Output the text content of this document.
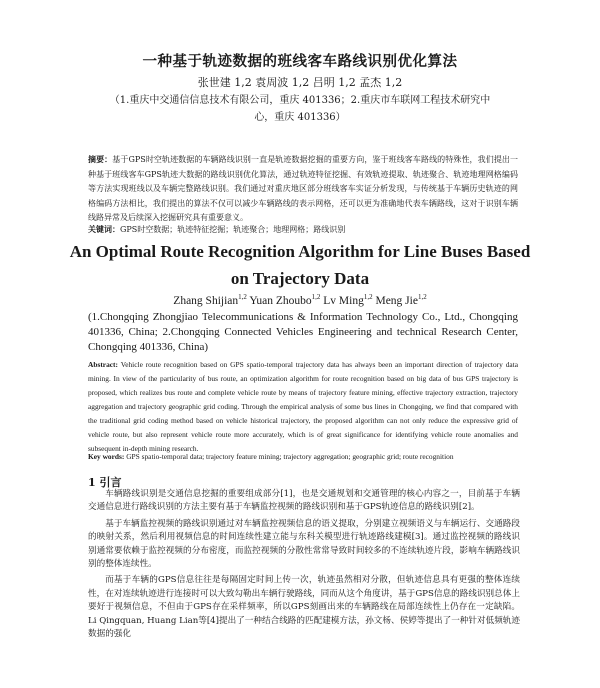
一种基于轨迹数据的班线客车路线识别优化算法
张世建 1,2 袁周波 1,2 吕明 1,2 孟杰 1,2
（1.重庆中交通信信息技术有限公司，重庆 401336；2.重庆市车联网工程技术研究中
心，重庆 401336）
摘要：基于GPS时空轨迹数据的车辆路线识别一直是轨迹数据挖掘的重要方向，鉴于班线客车路线的特殊性，我们提出一种基于班线客车GPS轨迹大数据的路线识别优化算法，通过轨迹特征挖掘、有效轨迹提取、轨迹聚合、轨迹地理网格编码等方法实现班线以及车辆完整路线识别。我们通过对重庆地区部分班线客车实证分析发现，与传统基于车辆历史轨迹的网格编码方法相比，我们提出的算法不仅可以减少车辆路线的表示网格，还可以更为准确地代表车辆路线，这对于识别车辆线路异常及后续深入挖掘研究具有重要意义。
关键词：GPS时空数据；轨迹特征挖掘；轨迹聚合；地理网格；路线识别
An Optimal Route Recognition Algorithm for Line Buses Based on Trajectory Data
Zhang Shijian$^{1,2}$ Yuan Zhoubo$^{1,2}$ Lv Ming$^{1,2}$ Meng Jie$^{1,2}$
(1.Chongqing Zhongjiao Telecommunications & Information Technology Co., Ltd., Chongqing 401336, China; 2.Chongqing Connected Vehicles Engineering and technical Research Center, Chongqing 401336, China)
Abstract: Vehicle route recognition based on GPS spatio-temporal trajectory data has always been an important direction of trajectory data mining. In view of the particularity of bus route, an optimization algorithm for route recognition based on big data of bus GPS trajectory is proposed, which realizes bus route and complete vehicle route by means of trajectory feature mining, effective trajectory extraction, trajectory aggregation and trajectory geographic grid coding. Through the empirical analysis of some bus lines in Chongqing, we find that compared with the traditional grid coding method based on vehicle historical trajectory, the proposed algorithm can not only reduce the expressive grid of vehicle route, but also represent vehicle route more accurately, which is of great significance for identifying vehicle route anomalies and subsequent in-depth mining research.
Key words: GPS spatio-temporal data; trajectory feature mining; trajectory aggregation; geographic grid; route recognition
1 引言

车辆路线识别是交通信息挖掘的重要组成部分[1]，也是交通规划和交通管理的核心内容之一，目前基于车辆交通信息进行路线识别的方法主要有基于车辆监控视频的路线识别和基于GPS轨迹信息的路线识别[2]。

基于车辆监控视频的路线识别通过对车辆监控视频信息的语义提取，分别建立视频语义与车辆运行、交通路段的映射关系，然后利用视频信息的时间连续性建立能与东科关模型进行轨迹路线建模[3]。通过监控视频的路线识别通常要依赖于监控视频的分布密度，而监控视频的分散性常常导致时间较多的不连续轨迹片段，影响车辆路线识别的整体连续性。

而基于车辆的GPS信息往往是每隔固定时间上传一次，轨迹虽然相对分散，但轨迹信息具有更强的整体连续性，在对连续轨迹进行连接时可以大致勾勒出车辆行驶路线，同而从这个角度讲，基于GPS信息的路线识别总体上要好于视频信息，不但由于GPS存在采样频率，所以GPS刻画出来的车辆路线在局部连续性上仍存在一定缺陷。Li Qingquan, Huang Lian等[4]提出了一种结合线路的匹配建模方法，孙文杨、侯婷等提出了一种针对低频轨迹数据的强化
